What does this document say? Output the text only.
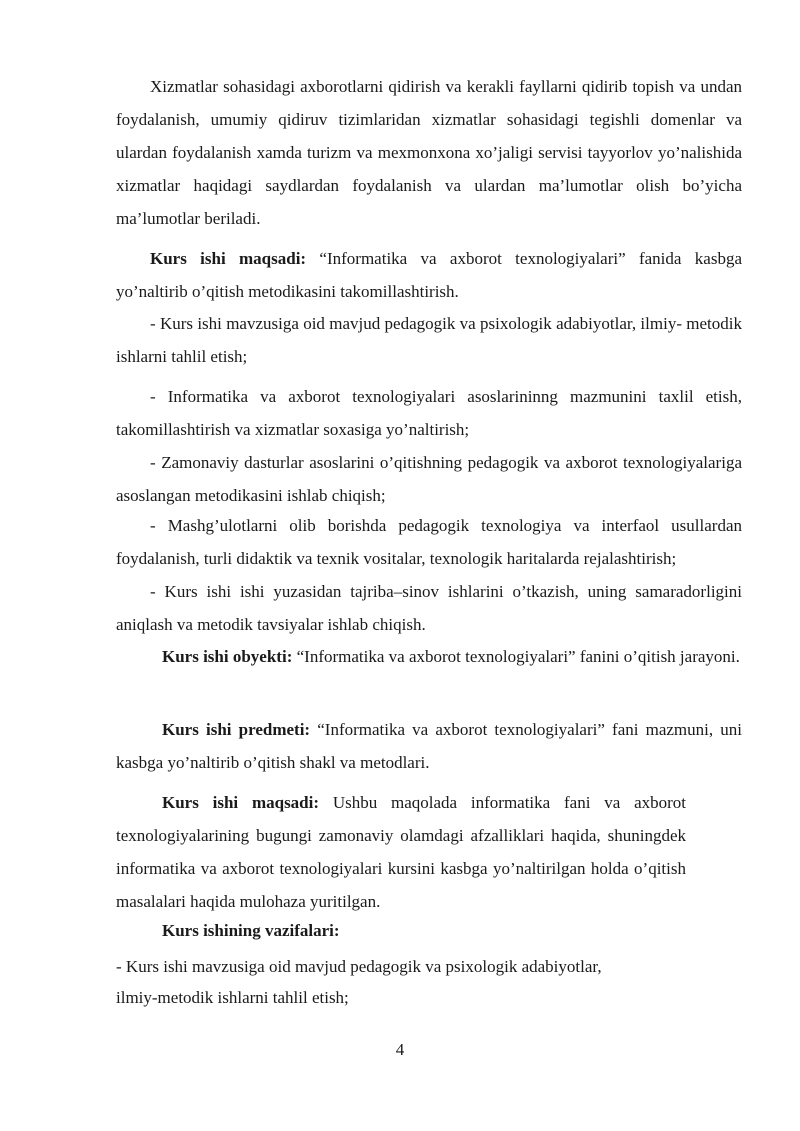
Xizmatlar sohasidagi axborotlarni qidirish va kerakli fayllarni qidirib topish va undan foydalanish, umumiy qidiruv tizimlaridan xizmatlar sohasidagi tegishli domenlar va ulardan foydalanish xamda turizm va mexmonxona xo’jaligi servisi tayyorlov yo’nalishida xizmatlar haqidagi saydlardan foydalanish va ulardan ma’lumotlar olish bo’yicha ma’lumotlar beriladi.

Kurs ishi maqsadi: “Informatika va axborot texnologiyalari” fanida kasbga yo’naltirib o’qitish metodikasini takomillashtirish.

- Kurs ishi mavzusiga oid mavjud pedagogik va psixologik adabiyotlar, ilmiy- metodik ishlarni tahlil etish;

- Informatika va axborot texnologiyalari asoslarininng mazmunini taxlil etish, takomillashtirish va xizmatlar soxasiga yo’naltirish;

- Zamonaviy dasturlar asoslarini o’qitishning pedagogik va axborot texnologiyalariga asoslangan metodikasini ishlab chiqish;

- Mashg’ulotlarni olib borishda pedagogik texnologiya va interfaol usullardan foydalanish, turli didaktik va texnik vositalar, texnologik haritalarda rejalashtirish;

- Kurs ishi ishi yuzasidan tajriba–sinov ishlarini o’tkazish, uning samaradorligini aniqlash va metodik tavsiyalar ishlab chiqish.

Kurs ishi obyekti: “Informatika va axborot texnologiyalari” fanini o’qitish jarayoni.

Kurs ishi predmeti: “Informatika va axborot texnologiyalari” fani mazmuni, uni kasbga yo’naltirib o’qitish shakl va metodlari.

Kurs ishi maqsadi: Ushbu maqolada informatika fani va axborot texnologiyalarining bugungi zamonaviy olamdagi afzalliklari haqida, shuningdek informatika va axborot texnologiyalari kursini kasbga yo’naltirilgan holda o’qitish masalalari haqida mulohaza yuritilgan.

Kurs ishining vazifalari:

- Kurs ishi mavzusiga oid mavjud pedagogik va psixologik adabiyotlar,

ilmiy-metodik ishlarni tahlil etish;

4
